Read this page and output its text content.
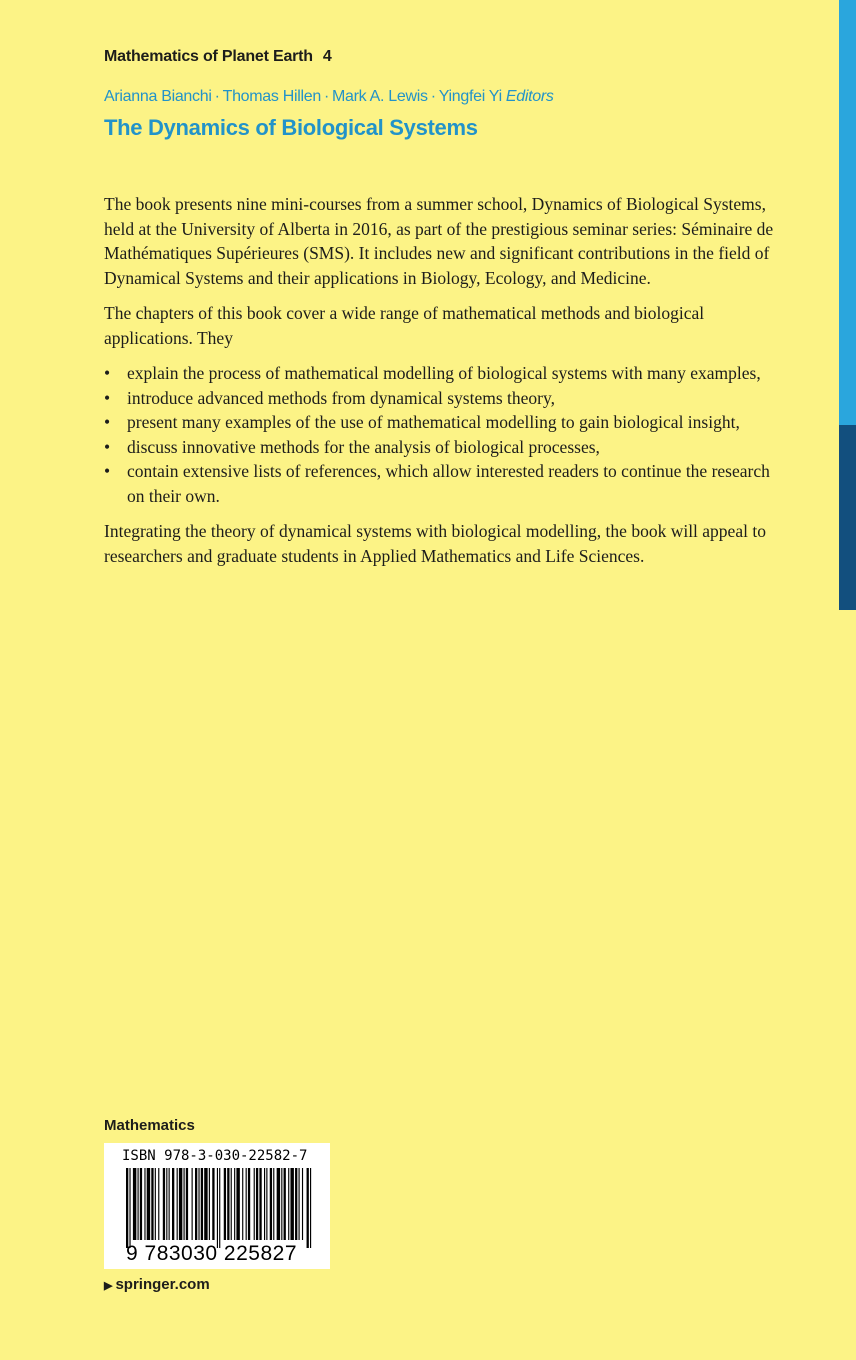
Mathematics of Planet Earth 4
Arianna Bianchi · Thomas Hillen · Mark A. Lewis · Yingfei Yi Editors
The Dynamics of Biological Systems

The book presents nine mini-courses from a summer school, Dynamics of Biological Systems, held at the University of Alberta in 2016, as part of the prestigious seminar series: Séminaire de Mathématiques Supérieures (SMS). It includes new and significant contributions in the field of Dynamical Systems and their applications in Biology, Ecology, and Medicine.

The chapters of this book cover a wide range of mathematical methods and biological applications. They

• explain the process of mathematical modelling of biological systems with many examples,
• introduce advanced methods from dynamical systems theory,
• present many examples of the use of mathematical modelling to gain biological insight,
• discuss innovative methods for the analysis of biological processes,
• contain extensive lists of references, which allow interested readers to continue the research on their own.

Integrating the theory of dynamical systems with biological modelling, the book will appeal to researchers and graduate students in Applied Mathematics and Life Sciences.

Mathematics
ISBN 978-3-030-22582-7
9 783030 225827
▶ springer.com
